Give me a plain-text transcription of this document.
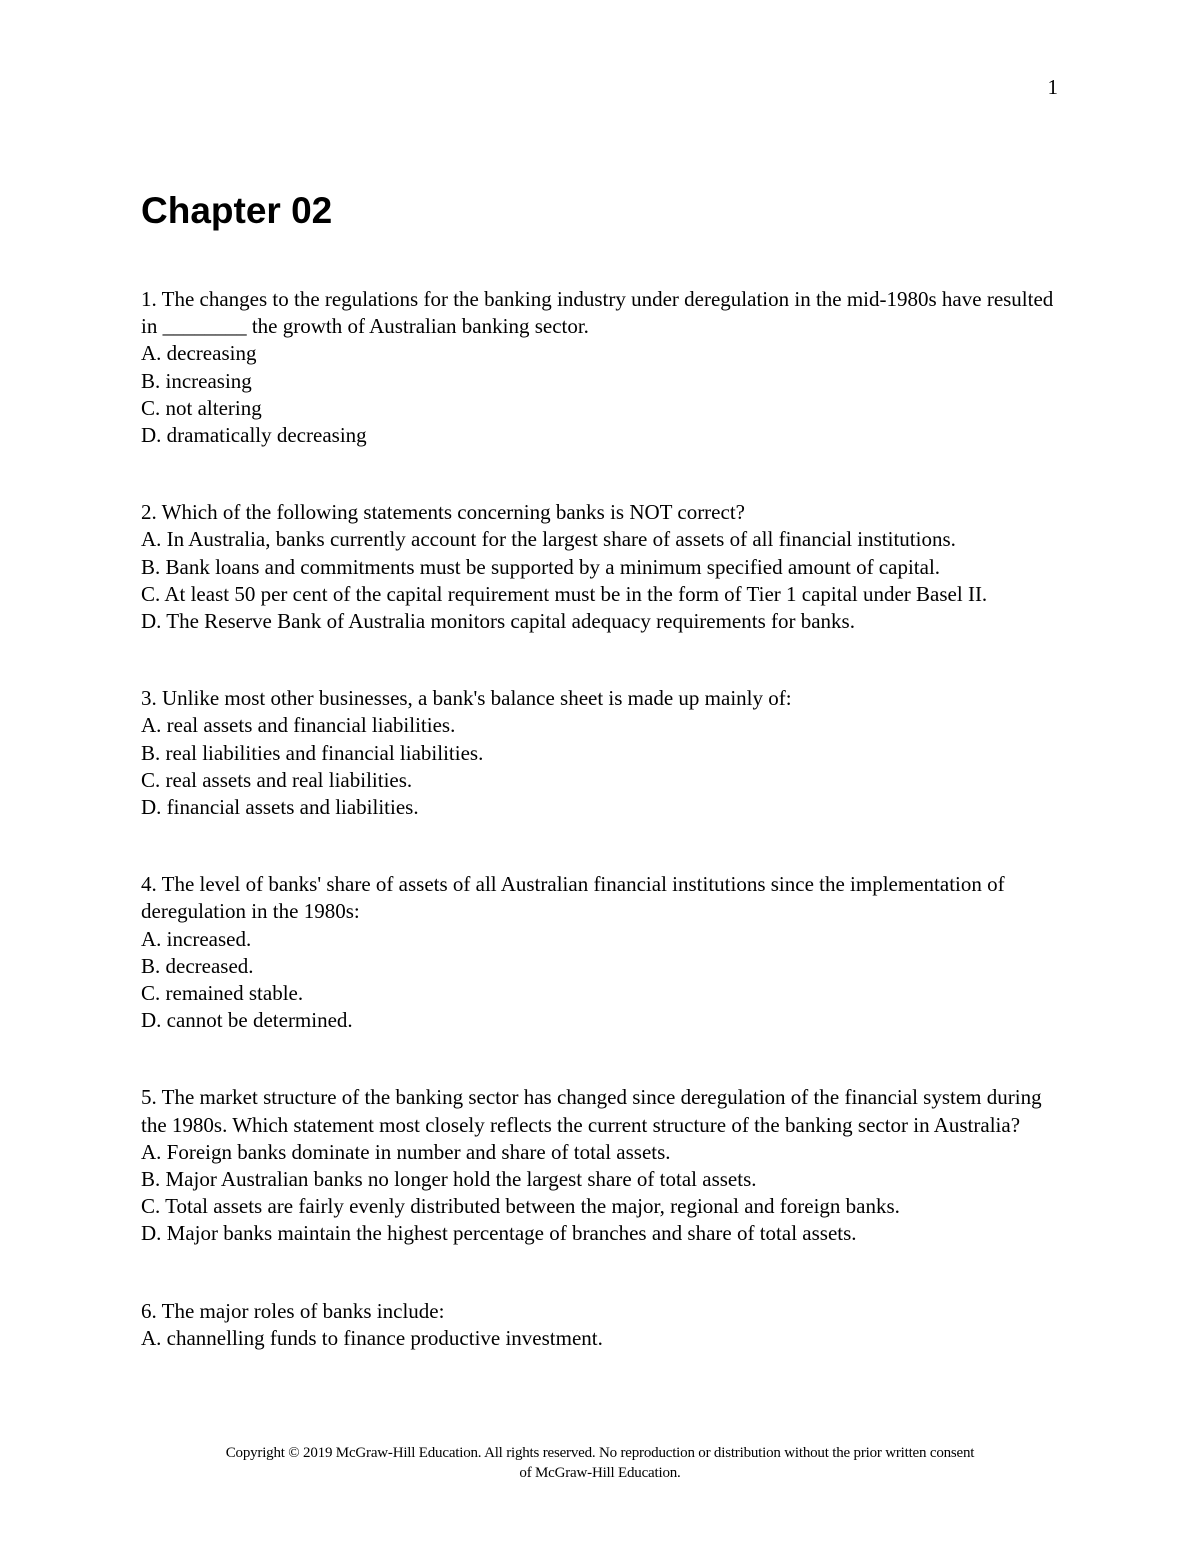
1
Chapter 02

1. The changes to the regulations for the banking industry under deregulation in the mid-1980s have resulted in ________ the growth of Australian banking sector.

A. decreasing

B. increasing

C. not altering

D. dramatically decreasing

2. Which of the following statements concerning banks is NOT correct?

A. In Australia, banks currently account for the largest share of assets of all financial institutions.

B. Bank loans and commitments must be supported by a minimum specified amount of capital.

C. At least 50 per cent of the capital requirement must be in the form of Tier 1 capital under Basel II.

D. The Reserve Bank of Australia monitors capital adequacy requirements for banks.

3. Unlike most other businesses, a bank's balance sheet is made up mainly of:

A. real assets and financial liabilities.

B. real liabilities and financial liabilities.

C. real assets and real liabilities.

D. financial assets and liabilities.

4. The level of banks' share of assets of all Australian financial institutions since the implementation of deregulation in the 1980s:

A. increased.

B. decreased.

C. remained stable.

D. cannot be determined.

5. The market structure of the banking sector has changed since deregulation of the financial system during the 1980s. Which statement most closely reflects the current structure of the banking sector in Australia?

A. Foreign banks dominate in number and share of total assets.

B. Major Australian banks no longer hold the largest share of total assets.

C. Total assets are fairly evenly distributed between the major, regional and foreign banks.

D. Major banks maintain the highest percentage of branches and share of total assets.

6. The major roles of banks include:

A. channelling funds to finance productive investment.

Copyright © 2019 McGraw-Hill Education. All rights reserved. No reproduction or distribution without the prior written consent

of McGraw-Hill Education.
